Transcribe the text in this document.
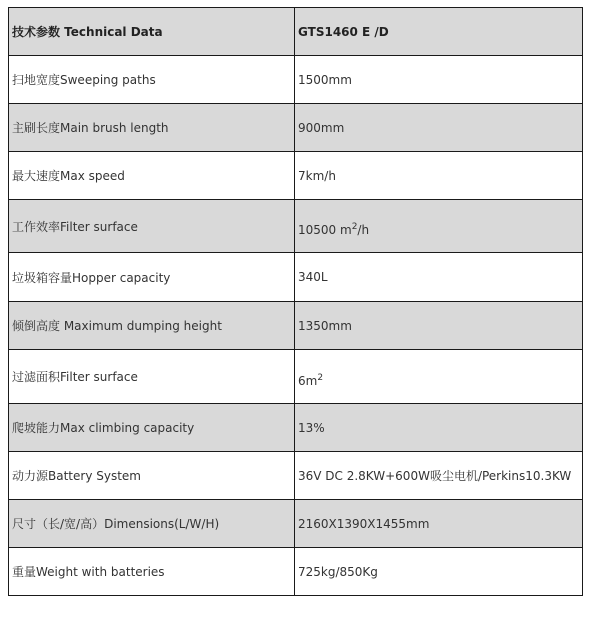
技术参数 Technical Data	GTS1460 E /D
扫地宽度Sweeping paths	1500mm
主刷长度Main brush length	900mm
最大速度Max speed	7km/h
工作效率Filter surface	10500 $m^2/h$
垃圾箱容量Hopper capacity	340L
倾倒高度 Maximum dumping height	1350mm
过滤面积Filter surface	$6m^2$
爬坡能力Max climbing capacity	13%
动力源Battery System	36V DC 2.8KW+600W吸尘电机/Perkins10.3KW
尺寸（长/宽/高）Dimensions(L/W/H)	2160X1390X1455mm
重量Weight with batteries	725kg/850Kg
